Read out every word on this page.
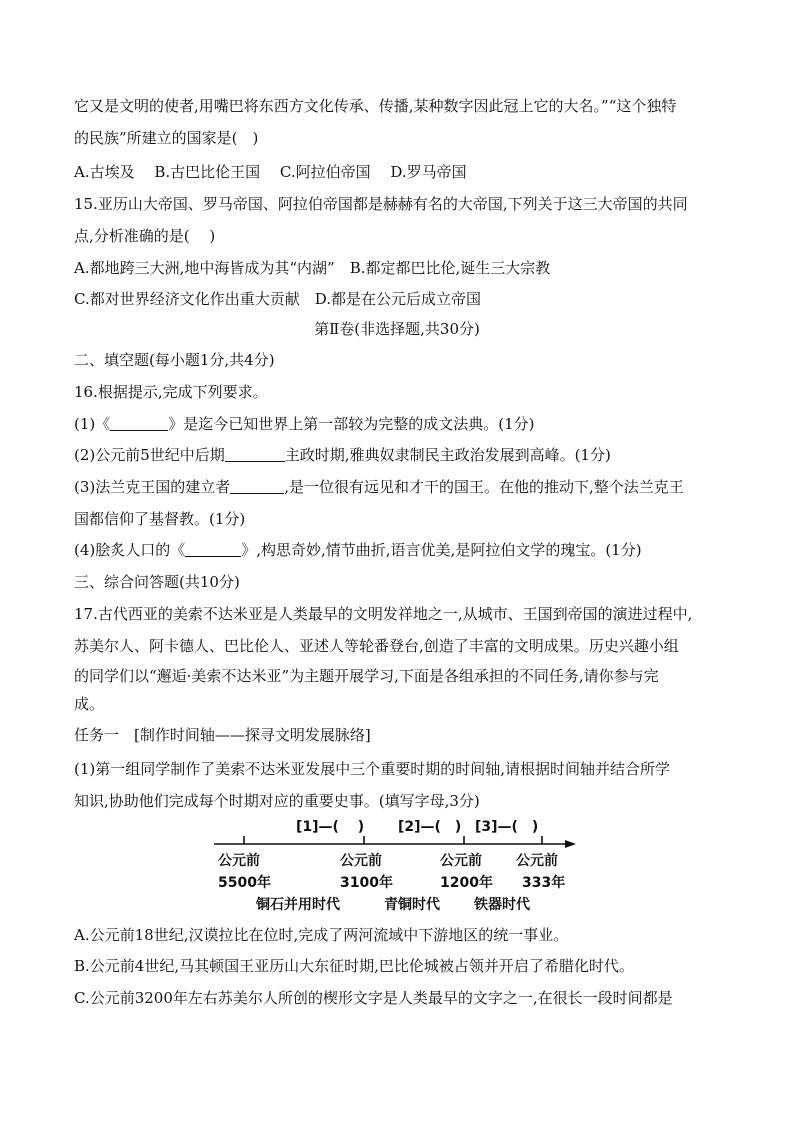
它又是文明的使者,用嘴巴将东西方文化传承、传播,某种数字因此冠上它的大名。”“这个独特
的民族”所建立的国家是(　)
A.古埃及　 B.古巴比伦王国　 C.阿拉伯帝国　 D.罗马帝国
15.亚历山大帝国、罗马帝国、阿拉伯帝国都是赫赫有名的大帝国,下列关于这三大帝国的共同
点,分析准确的是(　 )
A.都地跨三大洲,地中海皆成为其“内湖”　B.都定都巴比伦,诞生三大宗教
C.都对世界经济文化作出重大贡献　D.都是在公元后成立帝国
第Ⅱ卷(非选择题,共30分)
二、填空题(每小题1分,共4分)
16.根据提示,完成下列要求。
(1)《	》是迄今已知世界上第一部较为完整的成文法典。(1分)
(2)公元前5世纪中后期	主政时期,雅典奴隶制民主政治发展到高峰。(1分)
(3)法兰克王国的建立者	,是一位很有远见和才干的国王。在他的推动下,整个法兰克王
国都信仰了基督教。(1分)
(4)脍炙人口的《	》,构思奇妙,情节曲折,语言优美,是阿拉伯文学的瑰宝。(1分)
三、综合问答题(共10分)
17.古代西亚的美索不达米亚是人类最早的文明发祥地之一,从城市、王国到帝国的演进过程中,
苏美尔人、阿卡德人、巴比伦人、亚述人等轮番登台,创造了丰富的文明成果。历史兴趣小组
的同学们以“邂逅·美索不达米亚”为主题开展学习,下面是各组承担的不同任务,请你参与完
成。
任务一　[制作时间轴——探寻文明发展脉络]
(1)第一组同学制作了美索不达米亚发展中三个重要时期的时间轴,请根据时间轴并结合所学
知识,协助他们完成每个时期对应的重要史事。(填写字母,3分)
[1]—(　 ) [2]—(　) [3]—(　)
公元前	公元前	公元前 公元前
5500年	3100年	1200年 333年
铜石并用时代	青铜时代 铁器时代
A.公元前18世纪,汉谟拉比在位时,完成了两河流域中下游地区的统一事业。
B.公元前4世纪,马其顿国王亚历山大东征时期,巴比伦城被占领并开启了希腊化时代。
C.公元前3200年左右苏美尔人所创的楔形文字是人类最早的文字之一,在很长一段时间都是
